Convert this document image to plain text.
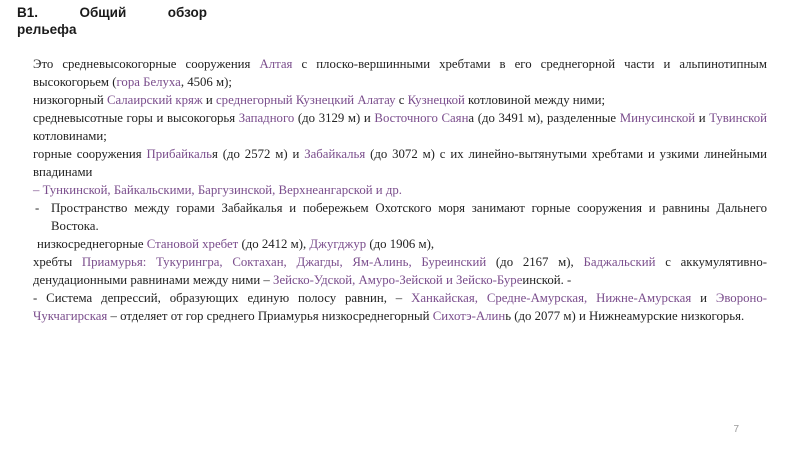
В1. Общий обзор
рельефа

Это средневысокогорные сооружения Алтая с плоско-вершинными хребтами в его среднегорной части и альпинотипным высокогорьем (гора Белуха, 4506 м);

низкогорный Салаирский кряж и среднегорный Кузнецкий Алатау с Кузнецкой котловиной между ними;

средневысотные горы и высокогорья Западного (до 3129 м) и Восточного Саяна (до 3491 м), разделенные Минусинской и Тувинской котловинами;

горные сооружения Прибайкалья (до 2572 м) и Забайкалья (до 3072 м) с их линейно-вытянутыми хребтами и узкими линейными впадинами

– Тункинской, Байкальскими, Баргузинской, Верхнеангарской и др.

- Пространство между горами Забайкалья и побережьем Охотского моря занимают горные сооружения и равнины Дальнего Востока.

низкосреднегорные Становой хребет (до 2412 м), Джугджур (до 1906 м),

хребты Приамурья: Тукурингра, Соктахан, Джагды, Ям-Алинь, Буреинский (до 2167 м), Баджальский с аккумулятивно-денудационными равнинами между ними – Зейско-Удской, Амуро-Зейской и Зейско-Буреинской. -

- Система депрессий, образующих единую полосу равнин, – Ханкайская, Средне-Амурская, Нижне-Амурская и Эвороно-Чукчагирская – отделяет от гор среднего Приамурья низкосреднегорный Сихотэ-Алинь (до 2077 м) и Нижнеамурские низкогорья.

7
